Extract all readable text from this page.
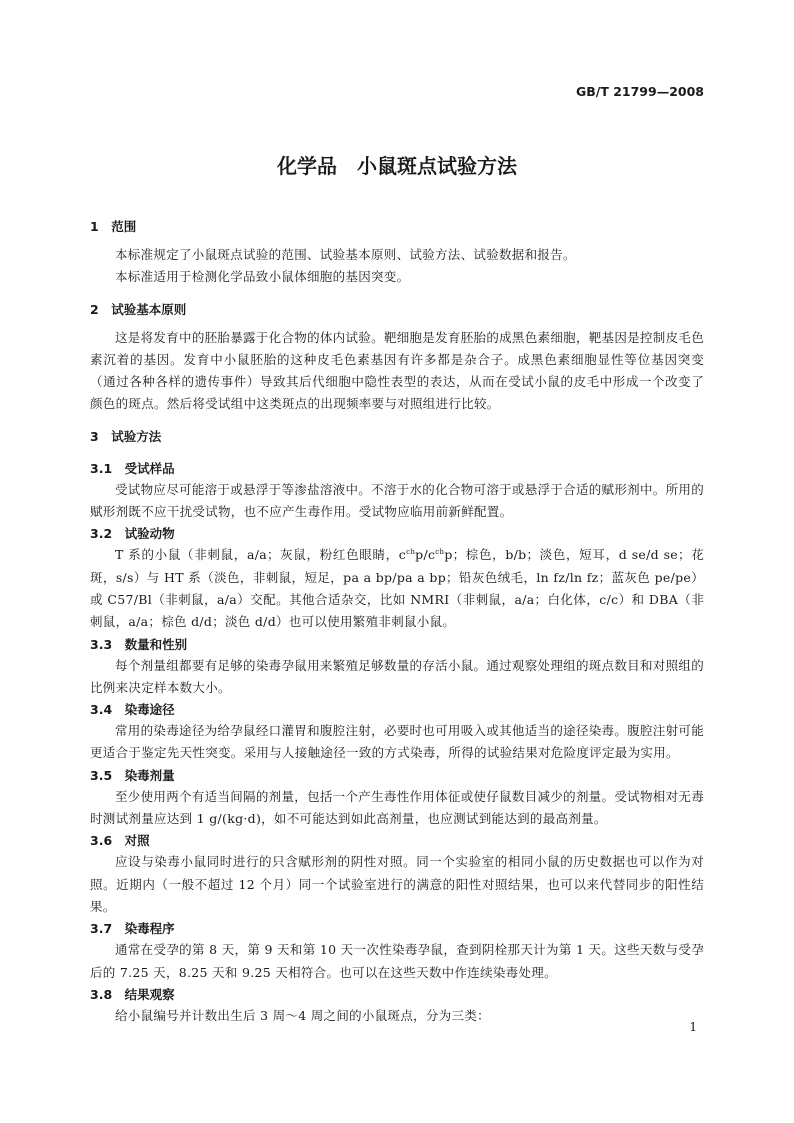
GB/T 21799—2008
化学品　小鼠斑点试验方法
1　范围

本标准规定了小鼠斑点试验的范围、试验基本原则、试验方法、试验数据和报告。

本标准适用于检测化学品致小鼠体细胞的基因突变。

2　试验基本原则

这是将发育中的胚胎暴露于化合物的体内试验。靶细胞是发育胚胎的成黑色素细胞，靶基因是控制皮毛色素沉着的基因。发育中小鼠胚胎的这种皮毛色素基因有许多都是杂合子。成黑色素细胞显性等位基因突变（通过各种各样的遗传事件）导致其后代细胞中隐性表型的表达，从而在受试小鼠的皮毛中形成一个改变了颜色的斑点。然后将受试组中这类斑点的出现频率要与对照组进行比较。

3　试验方法
3.1　受试样品

受试物应尽可能溶于或悬浮于等渗盐溶液中。不溶于水的化合物可溶于或悬浮于合适的赋形剂中。所用的赋形剂既不应干扰受试物，也不应产生毒作用。受试物应临用前新鲜配置。

3.2　试验动物

T 系的小鼠（非刺鼠，a/a；灰鼠，粉红色眼睛，$c^{ch}p/c^{ch}p$；棕色，b/b；淡色，短耳，d se/d se；花斑，s/s）与 HT 系（淡色，非刺鼠，短足，pa a bp/pa a bp；铅灰色绒毛，ln fz/ln fz；蓝灰色 pe/pe）或 C57/Bl（非刺鼠，a/a）交配。其他合适杂交，比如 NMRI（非刺鼠，a/a；白化体，c/c）和 DBA（非刺鼠，a/a；棕色 d/d；淡色 d/d）也可以使用繁殖非刺鼠小鼠。

3.3　数量和性别

每个剂量组都要有足够的染毒孕鼠用来繁殖足够数量的存活小鼠。通过观察处理组的斑点数目和对照组的比例来决定样本数大小。

3.4　染毒途径

常用的染毒途径为给孕鼠经口灌胃和腹腔注射，必要时也可用吸入或其他适当的途径染毒。腹腔注射可能更适合于鉴定先天性突变。采用与人接触途径一致的方式染毒，所得的试验结果对危险度评定最为实用。

3.5　染毒剂量

至少使用两个有适当间隔的剂量，包括一个产生毒性作用体征或使仔鼠数目减少的剂量。受试物相对无毒时测试剂量应达到 1 g/(kg·d)，如不可能达到如此高剂量，也应测试到能达到的最高剂量。

3.6　对照

应设与染毒小鼠同时进行的只含赋形剂的阴性对照。同一个实验室的相同小鼠的历史数据也可以作为对照。近期内（一般不超过 12 个月）同一个试验室进行的满意的阳性对照结果，也可以来代替同步的阳性结果。

3.7　染毒程序

通常在受孕的第 8 天，第 9 天和第 10 天一次性染毒孕鼠，查到阴栓那天计为第 1 天。这些天数与受孕后的 7.25 天，8.25 天和 9.25 天相符合。也可以在这些天数中作连续染毒处理。

3.8　结果观察

给小鼠编号并计数出生后 3 周～4 周之间的小鼠斑点，分为三类：

1
